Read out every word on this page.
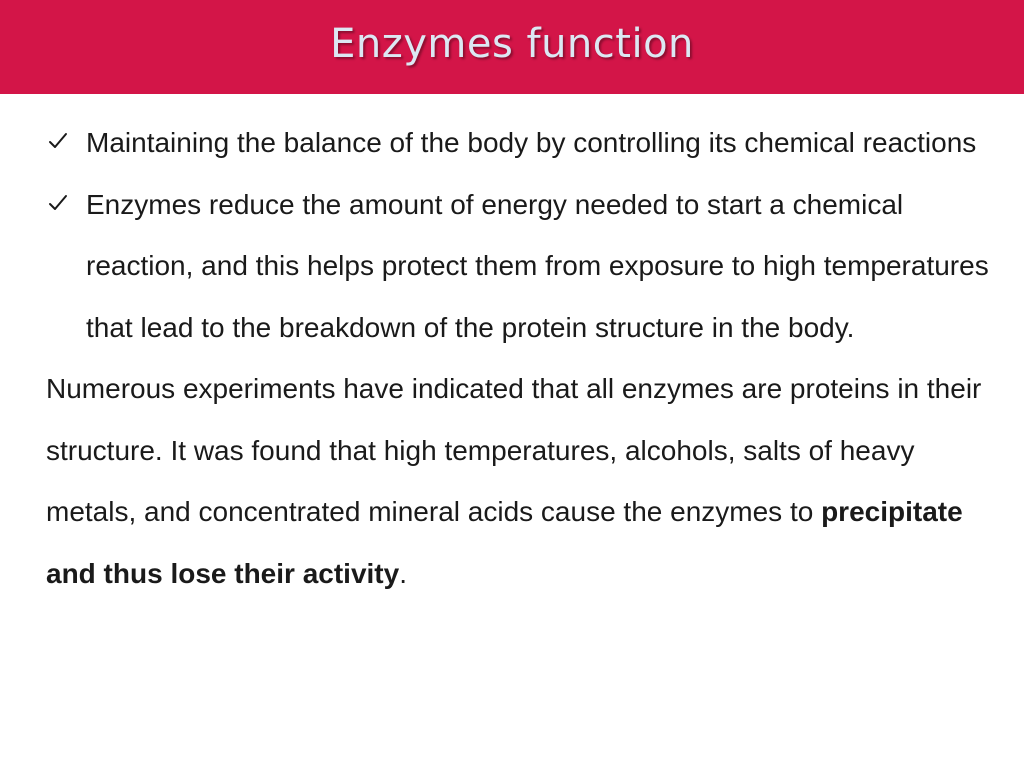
Enzymes function
Maintaining the balance of the body by controlling its chemical reactions
Enzymes reduce the amount of energy needed to start a chemical reaction, and this helps protect them from exposure to high temperatures that lead to the breakdown of the protein structure in the body.

Numerous experiments have indicated that all enzymes are proteins in their structure. It was found that high temperatures, alcohols, salts of heavy metals, and concentrated mineral acids cause the enzymes to precipitate and thus lose their activity.
